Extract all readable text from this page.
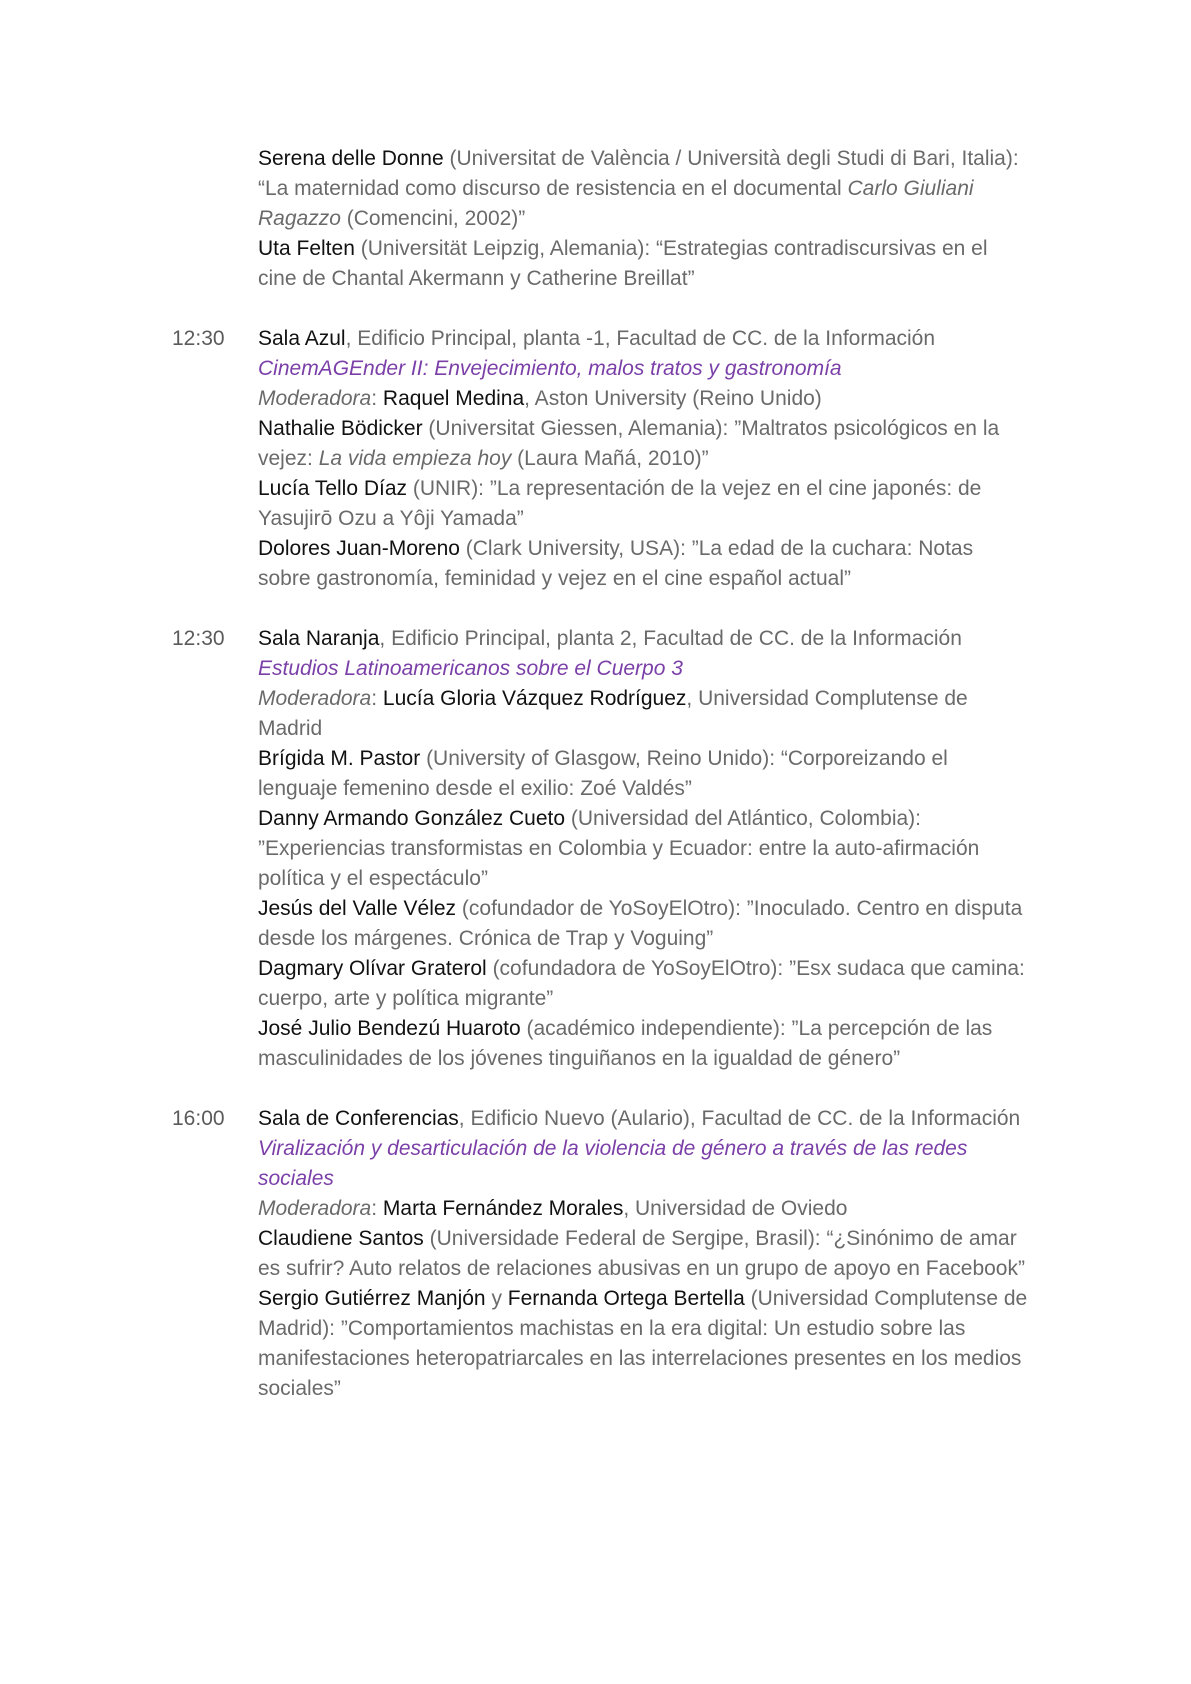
Serena delle Donne (Universitat de València / Università degli Studi di Bari, Italia): “La maternidad como discurso de resistencia en el documental Carlo Giuliani Ragazzo (Comencini, 2002)”
Uta Felten (Universität Leipzig, Alemania): “Estrategias contradiscursivas en el cine de Chantal Akermann y Catherine Breillat”
12:30	Sala Azul, Edificio Principal, planta -1, Facultad de CC. de la Información
CinemAGEnder II: Envejecimiento, malos tratos y gastronomía
Moderadora: Raquel Medina, Aston University (Reino Unido)
Nathalie Bödicker (Universitat Giessen, Alemania): ”Maltratos psicológicos en la vejez: La vida empieza hoy (Laura Mañá, 2010)”
Lucía Tello Díaz (UNIR): ”La representación de la vejez en el cine japonés: de Yasujirō Ozu a Yôji Yamada”
Dolores Juan-Moreno (Clark University, USA): ”La edad de la cuchara: Notas sobre gastronomía, feminidad y vejez en el cine español actual”
12:30	Sala Naranja, Edificio Principal, planta 2, Facultad de CC. de la Información
Estudios Latinoamericanos sobre el Cuerpo 3
Moderadora: Lucía Gloria Vázquez Rodríguez, Universidad Complutense de Madrid
Brígida M. Pastor (University of Glasgow, Reino Unido): “Corporeizando el lenguaje femenino desde el exilio: Zoé Valdés”
Danny Armando González Cueto (Universidad del Atlántico, Colombia): ”Experiencias transformistas en Colombia y Ecuador: entre la auto-afirmación política y el espectáculo”
Jesús del Valle Vélez (cofundador de YoSoyElOtro): ”Inoculado. Centro en disputa desde los márgenes. Crónica de Trap y Voguing”
Dagmary Olívar Graterol (cofundadora de YoSoyElOtro): ”Esx sudaca que camina: cuerpo, arte y política migrante”
José Julio Bendezú Huaroto (académico independiente): ”La percepción de las masculinidades de los jóvenes tinguiñanos en la igualdad de género”
16:00	Sala de Conferencias, Edificio Nuevo (Aulario), Facultad de CC. de la Información
Viralización y desarticulación de la violencia de género a través de las redes sociales
Moderadora: Marta Fernández Morales, Universidad de Oviedo
Claudiene Santos (Universidade Federal de Sergipe, Brasil): “¿Sinónimo de amar es sufrir? Auto relatos de relaciones abusivas en un grupo de apoyo en Facebook”
Sergio Gutiérrez Manjón y Fernanda Ortega Bertella (Universidad Complutense de Madrid): ”Comportamientos machistas en la era digital: Un estudio sobre las manifestaciones heteropatriarcales en las interrelaciones presentes en los medios sociales”
